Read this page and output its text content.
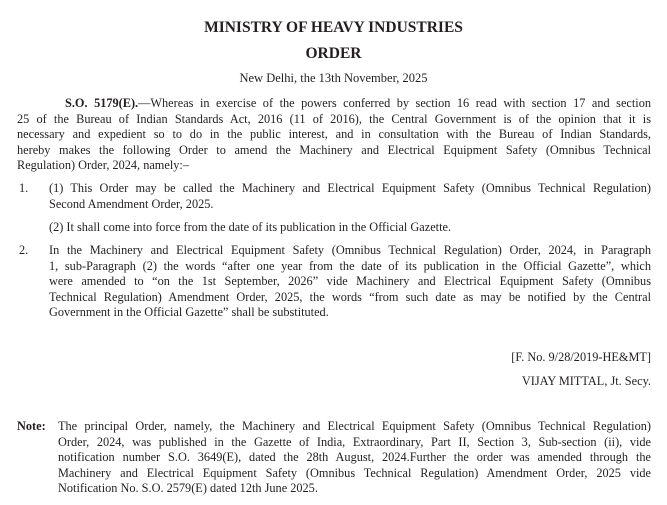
MINISTRY OF HEAVY INDUSTRIES
ORDER
New Delhi, the 13th November, 2025
S.O. 5179(E).—Whereas in exercise of the powers conferred by section 16 read with section 17 and section
25 of the Bureau of Indian Standards Act, 2016 (11 of 2016), the Central Government is of the opinion that it is
necessary and expedient so to do in the public interest, and in consultation with the Bureau of Indian Standards,
hereby makes the following Order to amend the Machinery and Electrical Equipment Safety (Omnibus Technical
Regulation) Order, 2024, namely:–
1. (1) This Order may be called the Machinery and Electrical Equipment Safety (Omnibus Technical Regulation)
Second Amendment Order, 2025.
(2) It shall come into force from the date of its publication in the Official Gazette.
2. In the Machinery and Electrical Equipment Safety (Omnibus Technical Regulation) Order, 2024, in Paragraph
1, sub-Paragraph (2) the words “after one year from the date of its publication in the Official Gazette”, which
were amended to “on the 1st September, 2026” vide Machinery and Electrical Equipment Safety (Omnibus
Technical Regulation) Amendment Order, 2025, the words “from such date as may be notified by the Central
Government in the Official Gazette” shall be substituted.
[F. No. 9/28/2019-HE&MT]
VIJAY MITTAL, Jt. Secy.
Note: The principal Order, namely, the Machinery and Electrical Equipment Safety (Omnibus Technical Regulation)
Order, 2024, was published in the Gazette of India, Extraordinary, Part II, Section 3, Sub-section (ii), vide
notification number S.O. 3649(E), dated the 28th August, 2024.Further the order was amended through the
Machinery and Electrical Equipment Safety (Omnibus Technical Regulation) Amendment Order, 2025 vide
Notification No. S.O. 2579(E) dated 12th June 2025.
